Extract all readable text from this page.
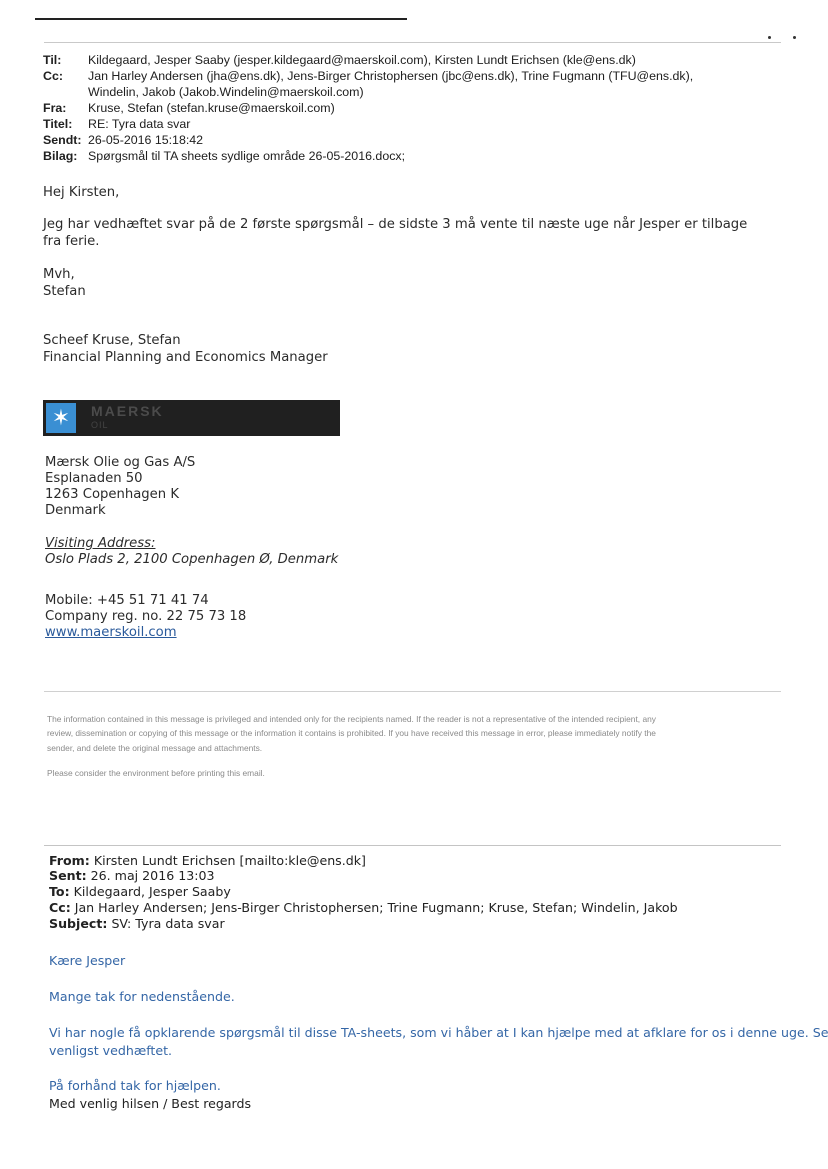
Til: Kildegaard, Jesper Saaby (jesper.kildegaard@maerskoil.com), Kirsten Lundt Erichsen (kle@ens.dk)
Cc: Jan Harley Andersen (jha@ens.dk), Jens-Birger Christophersen (jbc@ens.dk), Trine Fugmann (TFU@ens.dk),
Windelin, Jakob (Jakob.Windelin@maerskoil.com)
Fra: Kruse, Stefan (stefan.kruse@maerskoil.com)
Titel: RE: Tyra data svar
Sendt: 26-05-2016 15:18:42
Bilag: Spørgsmål til TA sheets sydlige område 26-05-2016.docx;
Hej Kirsten,
Jeg har vedhæftet svar på de 2 første spørgsmål – de sidste 3 må vente til næste uge når Jesper er tilbage
fra ferie.
Mvh,
Stefan
Scheef Kruse, Stefan
Financial Planning and Economics Manager
✶	MAERSK
OIL
Mærsk Olie og Gas A/S
Esplanaden 50
1263 Copenhagen K
Denmark
Visiting Address:
Oslo Plads 2, 2100 Copenhagen Ø, Denmark
Mobile: +45 51 71 41 74
Company reg. no. 22 75 73 18
www.maerskoil.com
The information contained in this message is privileged and intended only for the recipients named. If the reader is not a representative of the intended recipient, any
review, dissemination or copying of this message or the information it contains is prohibited. If you have received this message in error, please immediately notify the
sender, and delete the original message and attachments.
Please consider the environment before printing this email.
From: Kirsten Lundt Erichsen [mailto:kle@ens.dk]
Sent: 26. maj 2016 13:03
To: Kildegaard, Jesper Saaby
Cc: Jan Harley Andersen; Jens-Birger Christophersen; Trine Fugmann; Kruse, Stefan; Windelin, Jakob
Subject: SV: Tyra data svar
Kære Jesper
Mange tak for nedenstående.
Vi har nogle få opklarende spørgsmål til disse TA-sheets, som vi håber at I kan hjælpe med at afklare for os i denne uge. Se
venligst vedhæftet.
På forhånd tak for hjælpen.
Med venlig hilsen / Best regards
